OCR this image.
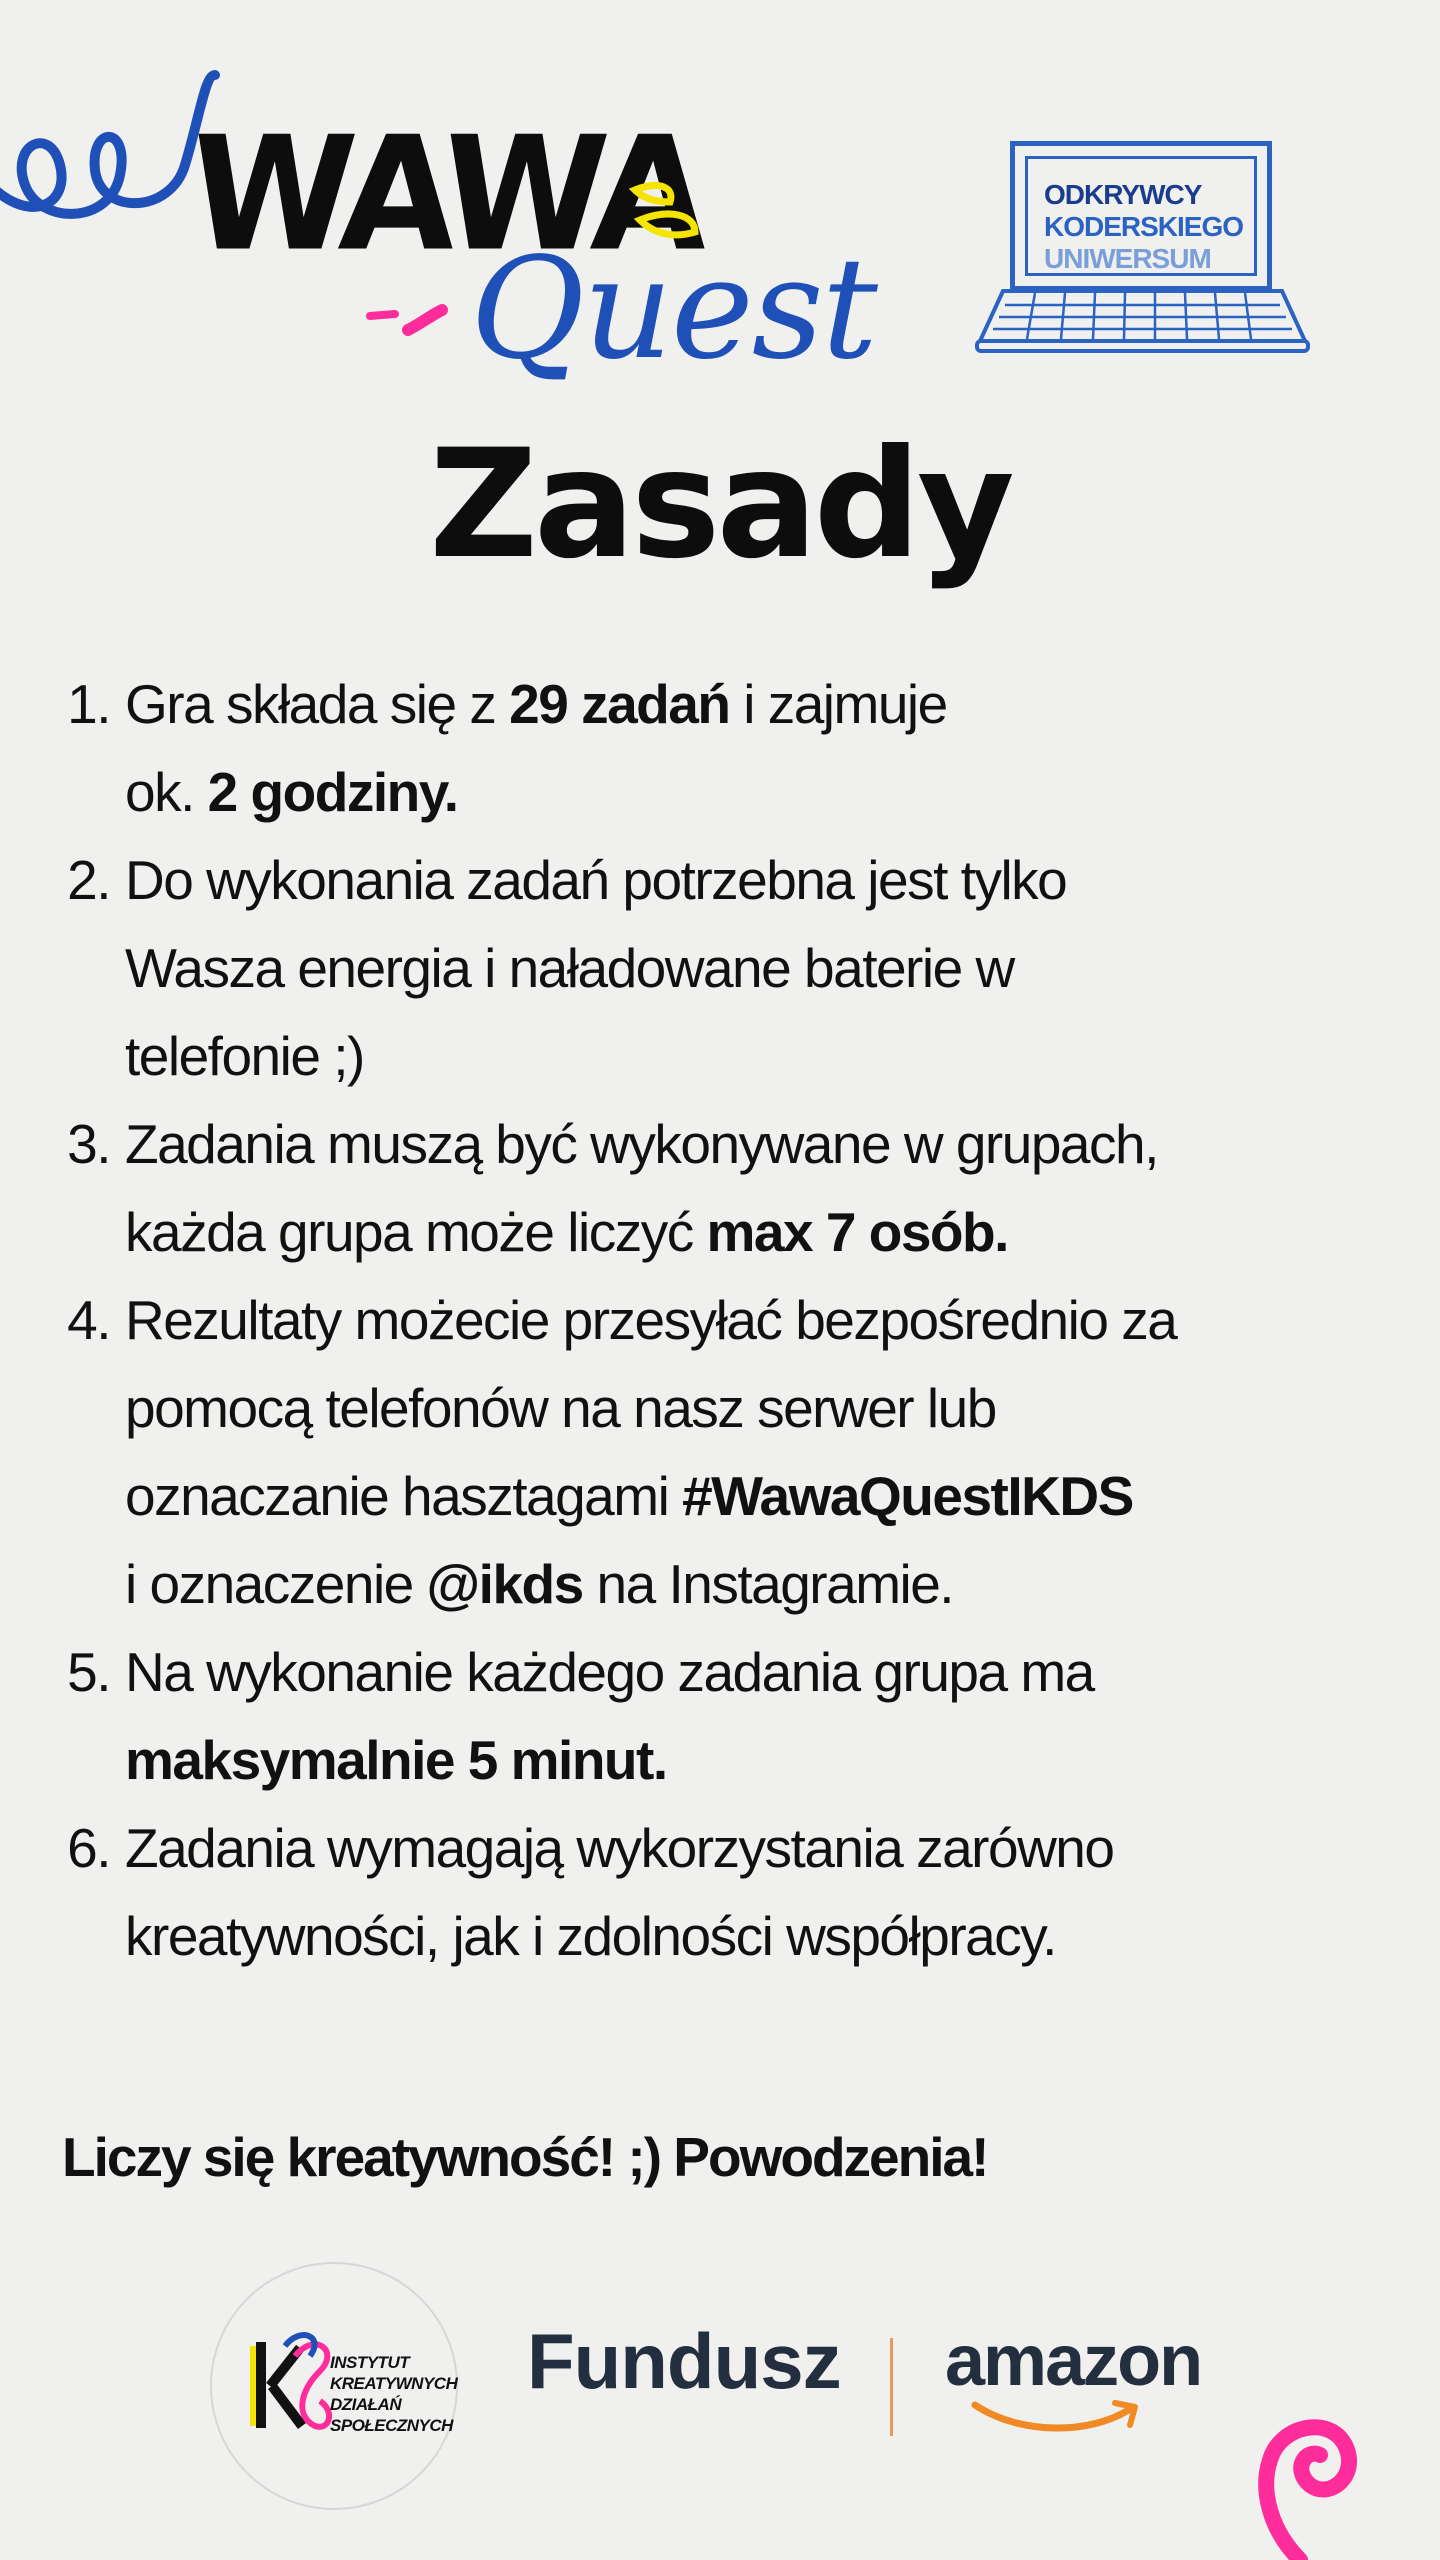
WAWA
Quest
ODKRYWCY
KODERSKIEGO
UNIWERSUM
Zasady
1. Gra składa się z 29 zadań i zajmuje
ok. 2 godziny.
2. Do wykonania zadań potrzebna jest tylko
Wasza energia i naładowane baterie w
telefonie ;)
3. Zadania muszą być wykonywane w grupach,
każda grupa może liczyć max 7 osób.
4. Rezultaty możecie przesyłać bezpośrednio za
pomocą telefonów na nasz serwer lub
oznaczanie hasztagami #WawaQuestIKDS
i oznaczenie @ikds na Instagramie.
5. Na wykonanie każdego zadania grupa ma
maksymalnie 5 minut.
6. Zadania wymagają wykorzystania zarówno
kreatywności, jak i zdolności współpracy.
Liczy się kreatywność! ;) Powodzenia!
INSTYTUT
KREATYWNYCH
DZIAŁAŃ
SPOŁECZNYCH
Fundusz amazon
